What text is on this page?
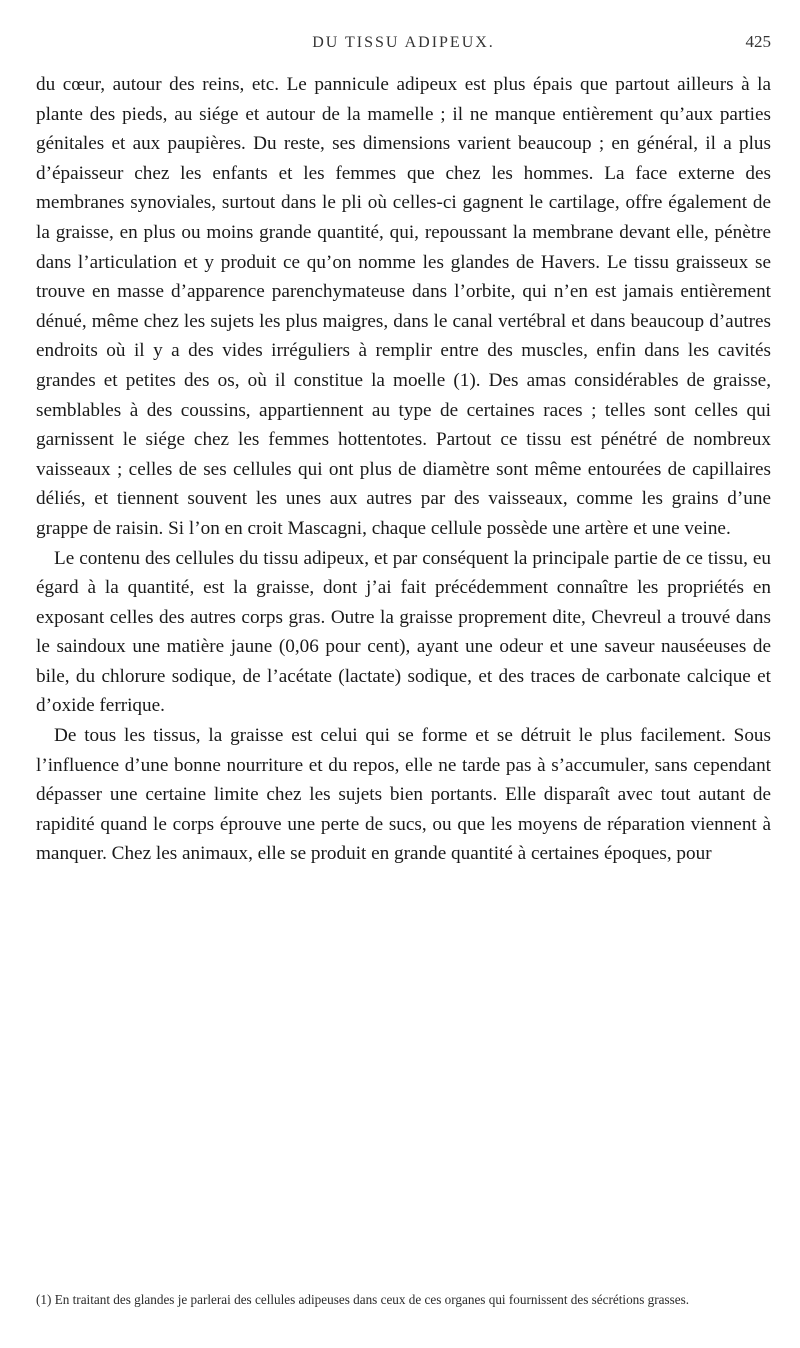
DU TISSU ADIPEUX.	425

du cœur, autour des reins, etc. Le pannicule adipeux est plus épais que partout ailleurs à la plante des pieds, au siége et autour de la mamelle ; il ne manque entièrement qu’aux parties génitales et aux paupières. Du reste, ses dimensions varient beaucoup ; en général, il a plus d’épaisseur chez les enfants et les femmes que chez les hommes. La face externe des membranes synoviales, surtout dans le pli où celles-ci gagnent le cartilage, offre également de la graisse, en plus ou moins grande quantité, qui, repoussant la membrane devant elle, pénètre dans l’articulation et y produit ce qu’on nomme les glandes de Havers. Le tissu graisseux se trouve en masse d’apparence parenchymateuse dans l’orbite, qui n’en est jamais entièrement dénué, même chez les sujets les plus maigres, dans le canal vertébral et dans beaucoup d’autres endroits où il y a des vides irréguliers à remplir entre des muscles, enfin dans les cavités grandes et petites des os, où il constitue la moelle (1). Des amas considérables de graisse, semblables à des coussins, appartiennent au type de certaines races ; telles sont celles qui garnissent le siége chez les femmes hottentotes. Partout ce tissu est pénétré de nombreux vaisseaux ; celles de ses cellules qui ont plus de diamètre sont même entourées de capillaires déliés, et tiennent souvent les unes aux autres par des vaisseaux, comme les grains d’une grappe de raisin. Si l’on en croit Mascagni, chaque cellule possède une artère et une veine.

Le contenu des cellules du tissu adipeux, et par conséquent la principale partie de ce tissu, eu égard à la quantité, est la graisse, dont j’ai fait précédemment connaître les propriétés en exposant celles des autres corps gras. Outre la graisse proprement dite, Chevreul a trouvé dans le saindoux une matière jaune (0,06 pour cent), ayant une odeur et une saveur nauséeuses de bile, du chlorure sodique, de l’acétate (lactate) sodique, et des traces de carbonate calcique et d’oxide ferrique.

De tous les tissus, la graisse est celui qui se forme et se détruit le plus facilement. Sous l’influence d’une bonne nourriture et du repos, elle ne tarde pas à s’accumuler, sans cependant dépasser une certaine limite chez les sujets bien portants. Elle disparaît avec tout autant de rapidité quand le corps éprouve une perte de sucs, ou que les moyens de réparation viennent à manquer. Chez les animaux, elle se produit en grande quantité à certaines époques, pour

(1) En traitant des glandes je parlerai des cellules adipeuses dans ceux de ces organes qui fournissent des sécrétions grasses.
